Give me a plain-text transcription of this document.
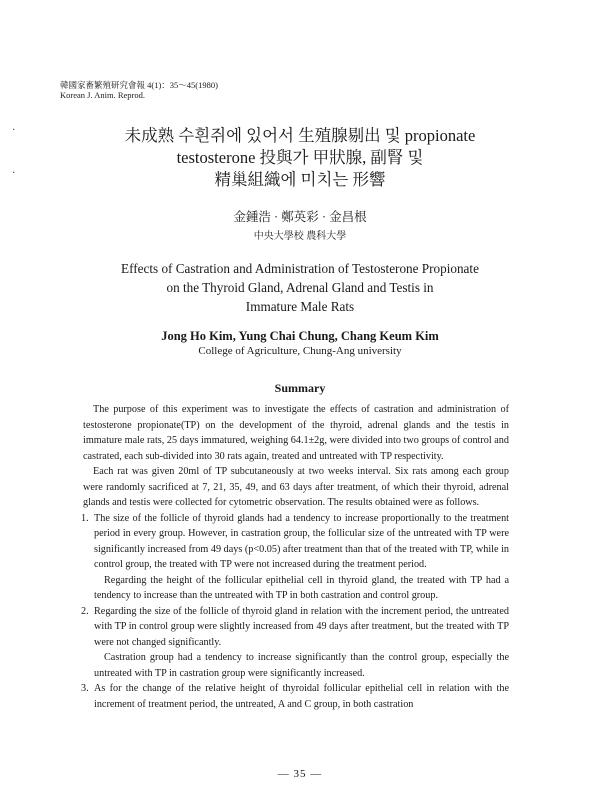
·
·
韓國家畜繁殖研究會報 4(1)：35～45(1980)
Korean J. Anim. Reprod.
未成熟 수흰쥐에 있어서 生殖腺剔出 및 propionate
testosterone 投與가 甲狀腺, 副腎 및
精巢組織에 미치는 形響
金鍾浩 · 鄭英彩 · 金昌根
中央大學校 農科大學
Effects of Castration and Administration of Testosterone Propionate
on the Thyroid Gland, Adrenal Gland and Testis in
Immature Male Rats
Jong Ho Kim, Yung Chai Chung, Chang Keum Kim
College of Agriculture, Chung-Ang university
Summary

The purpose of this experiment was to investigate the effects of castration and administration of testosterone propionate(TP) on the development of the thyroid, adrenal glands and the testis in immature male rats, 25 days immatured, weighing 64.1±2g, were divided into two groups of control and castrated, each sub-divided into 30 rats again, treated and untreated with TP respectivity.

Each rat was given 20ml of TP subcutaneously at two weeks interval. Six rats among each group were randomly sacrificed at 7, 21, 35, 49, and 63 days after treatment, of which their thyroid, adrenal glands and testis were collected for cytometric observation. The results obtained were as follows.

1. The size of the follicle of thyroid glands had a tendency to increase proportionally to the treatment period in every group. However, in castration group, the follicular size of the untreated with TP were significantly increased from 49 days (p<0.05) after treatment than that of the treated with TP, while in control group, the treated with TP were not increased during the treatment period.

Regarding the height of the follicular epithelial cell in thyroid gland, the treated with TP had a tendency to increase than the untreated with TP in both castration and control group.

2. Regarding the size of the follicle of thyroid gland in relation with the increment period, the untreated with TP in control group were slightly increased from 49 days after treatment, but the treated with TP were not changed significantly.

Castration group had a tendency to increase significantly than the control group, especially the untreated with TP in castration group were significantly increased.

3. As for the change of the relative height of thyroidal follicular epithelial cell in relation with the increment of treatment period, the untreated, A and C group, in both castration

— 35 —
